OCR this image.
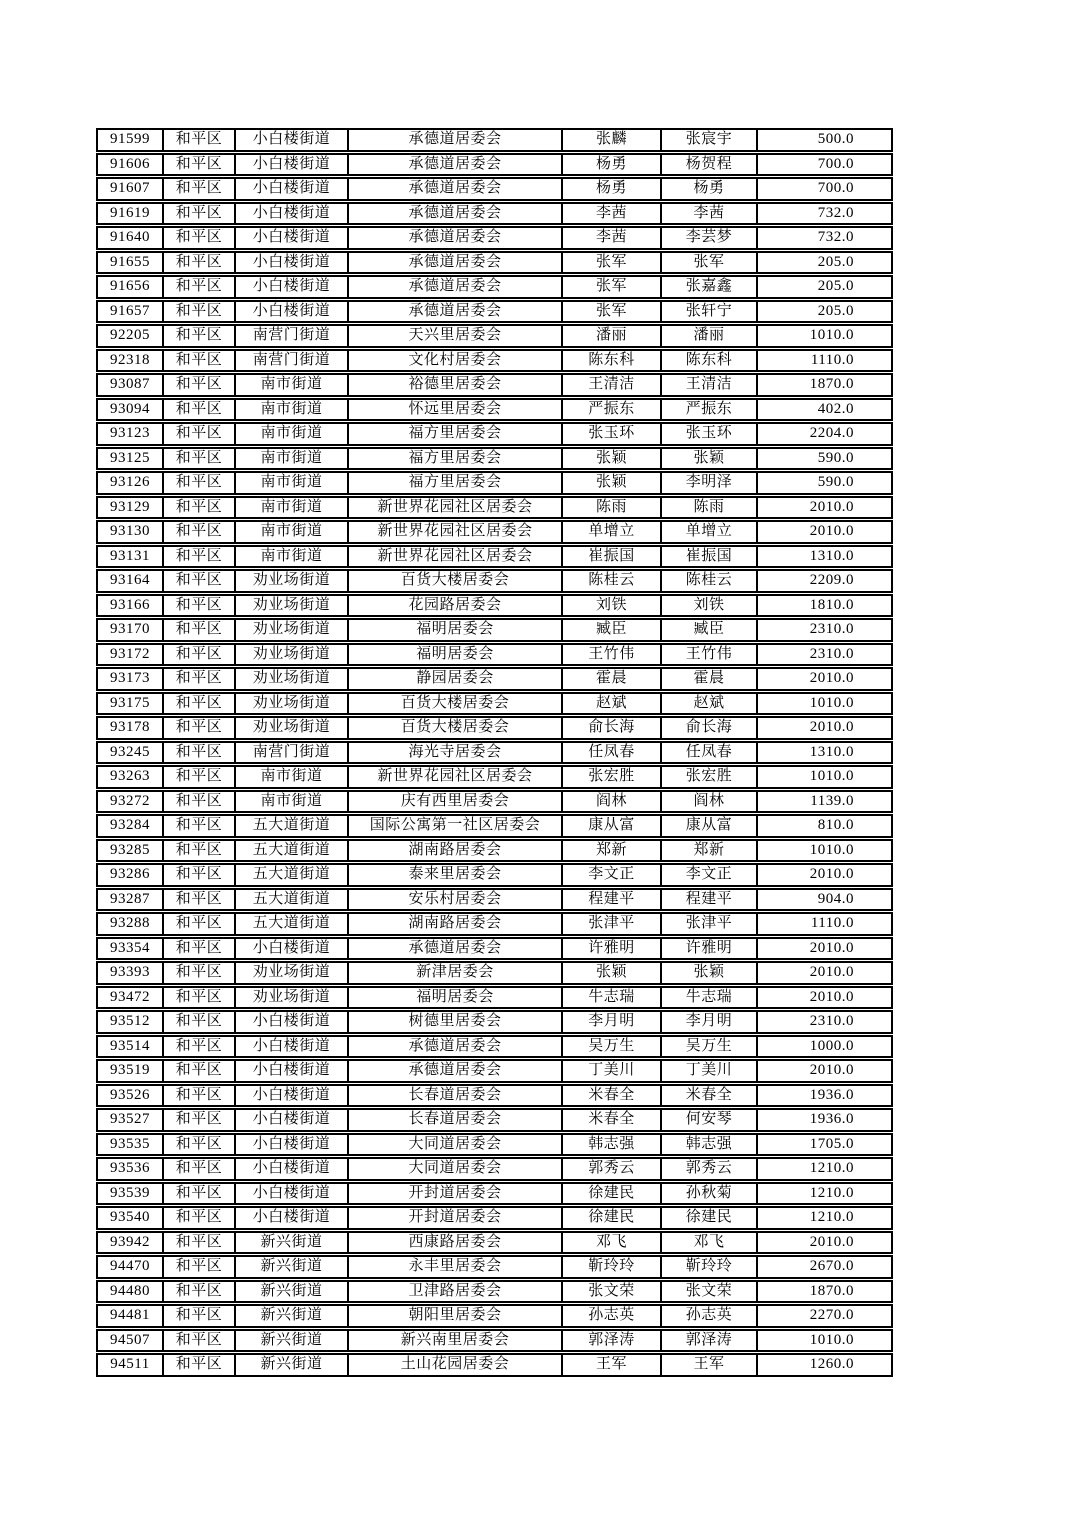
91599	和平区	小白楼街道	承德道居委会	张麟	张宸宇	500.0
91606	和平区	小白楼街道	承德道居委会	杨勇	杨贺程	700.0
91607	和平区	小白楼街道	承德道居委会	杨勇	杨勇	700.0
91619	和平区	小白楼街道	承德道居委会	李茜	李茜	732.0
91640	和平区	小白楼街道	承德道居委会	李茜	李芸梦	732.0
91655	和平区	小白楼街道	承德道居委会	张军	张军	205.0
91656	和平区	小白楼街道	承德道居委会	张军	张嘉鑫	205.0
91657	和平区	小白楼街道	承德道居委会	张军	张轩宁	205.0
92205	和平区	南营门街道	天兴里居委会	潘丽	潘丽	1010.0
92318	和平区	南营门街道	文化村居委会	陈东科	陈东科	1110.0
93087	和平区	南市街道	裕德里居委会	王清洁	王清洁	1870.0
93094	和平区	南市街道	怀远里居委会	严振东	严振东	402.0
93123	和平区	南市街道	福方里居委会	张玉环	张玉环	2204.0
93125	和平区	南市街道	福方里居委会	张颖	张颖	590.0
93126	和平区	南市街道	福方里居委会	张颖	李明泽	590.0
93129	和平区	南市街道	新世界花园社区居委会	陈雨	陈雨	2010.0
93130	和平区	南市街道	新世界花园社区居委会	单增立	单增立	2010.0
93131	和平区	南市街道	新世界花园社区居委会	崔振国	崔振国	1310.0
93164	和平区	劝业场街道	百货大楼居委会	陈桂云	陈桂云	2209.0
93166	和平区	劝业场街道	花园路居委会	刘铁	刘铁	1810.0
93170	和平区	劝业场街道	福明居委会	臧臣	臧臣	2310.0
93172	和平区	劝业场街道	福明居委会	王竹伟	王竹伟	2310.0
93173	和平区	劝业场街道	静园居委会	霍晨	霍晨	2010.0
93175	和平区	劝业场街道	百货大楼居委会	赵斌	赵斌	1010.0
93178	和平区	劝业场街道	百货大楼居委会	俞长海	俞长海	2010.0
93245	和平区	南营门街道	海光寺居委会	任凤春	任凤春	1310.0
93263	和平区	南市街道	新世界花园社区居委会	张宏胜	张宏胜	1010.0
93272	和平区	南市街道	庆有西里居委会	阎林	阎林	1139.0
93284	和平区	五大道街道	国际公寓第一社区居委会	康从富	康从富	810.0
93285	和平区	五大道街道	湖南路居委会	郑新	郑新	1010.0
93286	和平区	五大道街道	泰来里居委会	李文正	李文正	2010.0
93287	和平区	五大道街道	安乐村居委会	程建平	程建平	904.0
93288	和平区	五大道街道	湖南路居委会	张津平	张津平	1110.0
93354	和平区	小白楼街道	承德道居委会	许雅明	许雅明	2010.0
93393	和平区	劝业场街道	新津居委会	张颖	张颖	2010.0
93472	和平区	劝业场街道	福明居委会	牛志瑞	牛志瑞	2010.0
93512	和平区	小白楼街道	树德里居委会	李月明	李月明	2310.0
93514	和平区	小白楼街道	承德道居委会	吴万生	吴万生	1000.0
93519	和平区	小白楼街道	承德道居委会	丁美川	丁美川	2010.0
93526	和平区	小白楼街道	长春道居委会	米春全	米春全	1936.0
93527	和平区	小白楼街道	长春道居委会	米春全	何安琴	1936.0
93535	和平区	小白楼街道	大同道居委会	韩志强	韩志强	1705.0
93536	和平区	小白楼街道	大同道居委会	郭秀云	郭秀云	1210.0
93539	和平区	小白楼街道	开封道居委会	徐建民	孙秋菊	1210.0
93540	和平区	小白楼街道	开封道居委会	徐建民	徐建民	1210.0
93942	和平区	新兴街道	西康路居委会	邓飞	邓飞	2010.0
94470	和平区	新兴街道	永丰里居委会	靳玲玲	靳玲玲	2670.0
94480	和平区	新兴街道	卫津路居委会	张文荣	张文荣	1870.0
94481	和平区	新兴街道	朝阳里居委会	孙志英	孙志英	2270.0
94507	和平区	新兴街道	新兴南里居委会	郭泽涛	郭泽涛	1010.0
94511	和平区	新兴街道	土山花园居委会	王军	王军	1260.0
